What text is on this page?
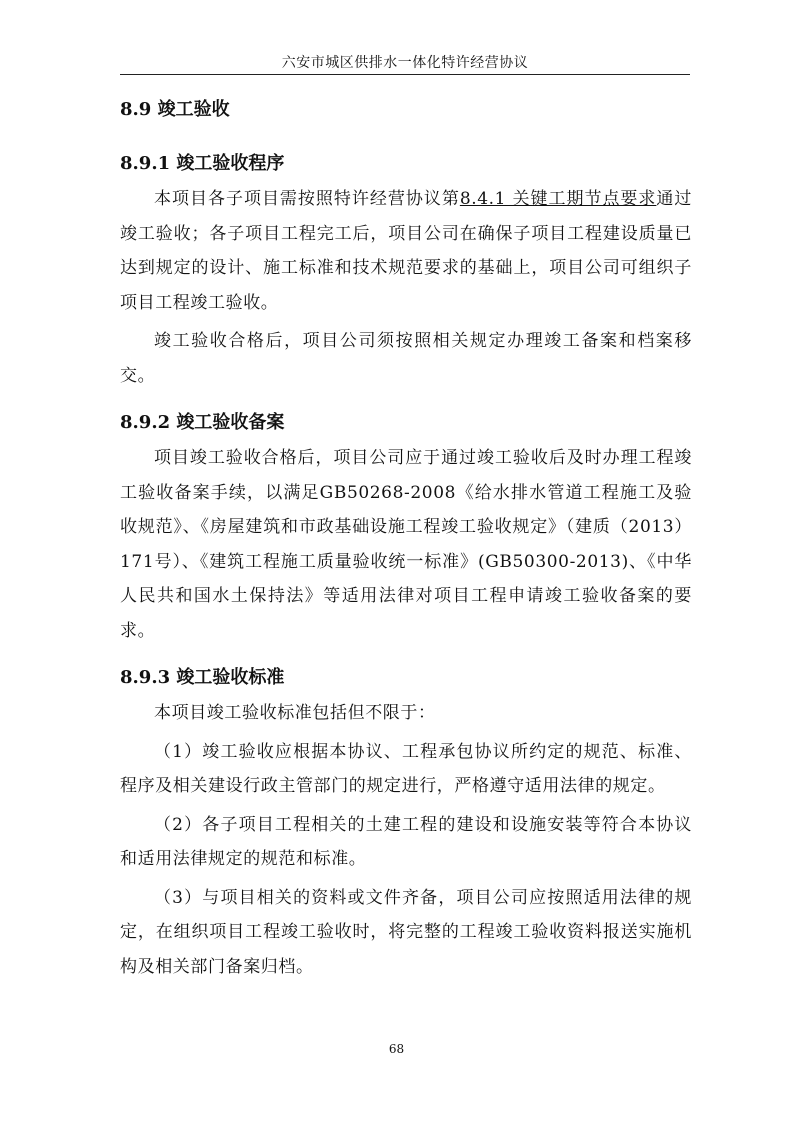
六安市城区供排水一体化特许经营协议
8.9 竣工验收
8.9.1 竣工验收程序

本项目各子项目需按照特许经营协议第8.4.1 关键工期节点要求通过竣工验收；各子项目工程完工后，项目公司在确保子项目工程建设质量已达到规定的设计、施工标准和技术规范要求的基础上，项目公司可组织子项目工程竣工验收。

竣工验收合格后，项目公司须按照相关规定办理竣工备案和档案移交。

8.9.2 竣工验收备案

项目竣工验收合格后，项目公司应于通过竣工验收后及时办理工程竣工验收备案手续，以满足GB50268-2008《给水排水管道工程施工及验收规范》、《房屋建筑和市政基础设施工程竣工验收规定》（建质（2013）171号）、《建筑工程施工质量验收统一标准》(GB50300-2013)、《中华人民共和国水土保持法》等适用法律对项目工程申请竣工验收备案的要求。

8.9.3 竣工验收标准

本项目竣工验收标准包括但不限于：

（1）竣工验收应根据本协议、工程承包协议所约定的规范、标准、程序及相关建设行政主管部门的规定进行，严格遵守适用法律的规定。

（2）各子项目工程相关的土建工程的建设和设施安装等符合本协议和适用法律规定的规范和标准。

（3）与项目相关的资料或文件齐备，项目公司应按照适用法律的规定，在组织项目工程竣工验收时，将完整的工程竣工验收资料报送实施机构及相关部门备案归档。

68
